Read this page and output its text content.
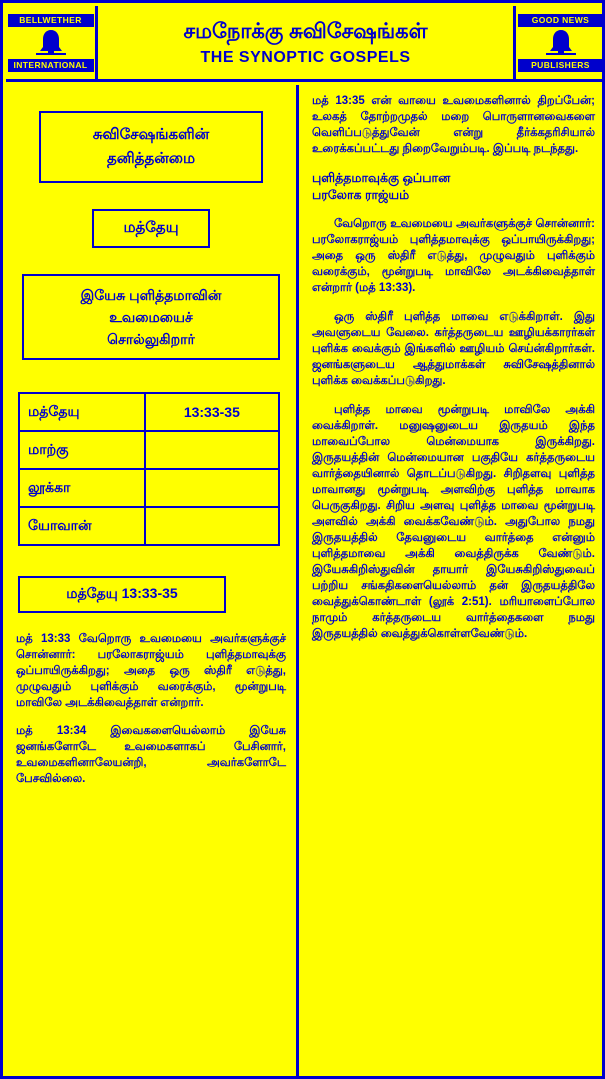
BELLWETHER
INTERNATIONAL
சமநோக்கு சுவிசேஷங்கள்
THE SYNOPTIC GOSPELS
GOOD NEWS
PUBLISHERS
சுவிசேஷங்களின்
தனித்தன்மை
மத்தேயு
இயேசு புளித்தமாவின்
உவமையைச்
சொல்லுகிறார்
மத்தேயு	13:33-35
மாற்கு	
லூக்கா	
யோவான்	
மத்தேயு 13:33-35

மத் 13:33 வேறொரு உவமையை அவர்களுக்குச் சொன்னார்: பரலோகராஜ்யம் புளித்தமாவுக்கு ஒப்பாயிருக்கிறது; அதை ஒரு ஸ்திரீ எடுத்து, முழுவதும் புளிக்கும் வரைக்கும், மூன்றுபடி மாவிலே அடக்கிவைத்தாள் என்றார்.

மத் 13:34 இவைகளையெல்லாம் இயேசு ஜனங்களோடே உவமைகளாகப் பேசினார், உவமைகளினாலேயன்றி, அவர்களோடே பேசவில்லை.

மத் 13:35 என் வாயை உவமைகளினால் திறப்பேன்; உலகத் தோற்றமுதல் மறை பொருளானவைகளை வெளிப்படுத்துவேன் என்று தீர்க்கதரிசியால் உரைக்கப்பட்டது நிறைவேறும்படி. இப்படி நடந்தது.

புளித்தமாவுக்கு ஒப்பான
பரலோக ராஜ்யம்

வேறொரு உவமையை அவர்களுக்குச் சொன்னார்: பரலோகராஜ்யம் புளித்தமாவுக்கு ஒப்பாயிருக்கிறது; அதை ஒரு ஸ்திரீ எடுத்து, முழுவதும் புளிக்கும் வரைக்கும், மூன்றுபடி மாவிலே அடக்கிவைத்தாள் என்றார் (மத் 13:33).

ஒரு ஸ்திரீ புளித்த மாவை எடுக்கிறாள். இது அவளுடைய வேலை. கர்த்தருடைய ஊழியக்காரர்கள் புளிக்க வைக்கும் இங்களில் ஊழியம் செய்ன்கிறார்கள். ஜனங்களுடைய ஆத்துமாக்கள் சுவிசேஷத்தினால் புளிக்க வைக்கப்படுகிறது.

புளித்த மாவை மூன்றுபடி மாவிலே அக்கி வைக்கிறாள். மனுஷனுடைய இருதயம் இந்த மாவைப்போல மென்மையாக இருக்கிறது. இருதயத்தின் மென்மையான பகுதியே கர்த்தருடைய வார்த்தையினால் தொடப்படுகிறது. சிறிதளவு புளித்த மாவானது மூன்றுபடி அளவிற்கு புளித்த மாவாக பெருகுகிறது. சிறிய அளவு புளித்த மாவை மூன்றுபடி அளவில் அக்கி வைக்கவேண்டும். அதுபோல நமது இருதயத்தில் தேவனுடைய வார்த்தை என்னும் புளித்தமாவை அக்கி வைத்திருக்க வேண்டும். இயேசுகிறிஸ்துவின் தாயார் இயேசுகிறிஸ்துவைப் பற்றிய சங்கதிகளையெல்லாம் தன் இருதயத்திலே வைத்துக்கொண்டாள் (லூக் 2:51). மரியாளைப்போல நாமும் கர்த்தருடைய வார்த்தைகளை நமது இருதயத்தில் வைத்துக்கொள்ளவேண்டும்.
